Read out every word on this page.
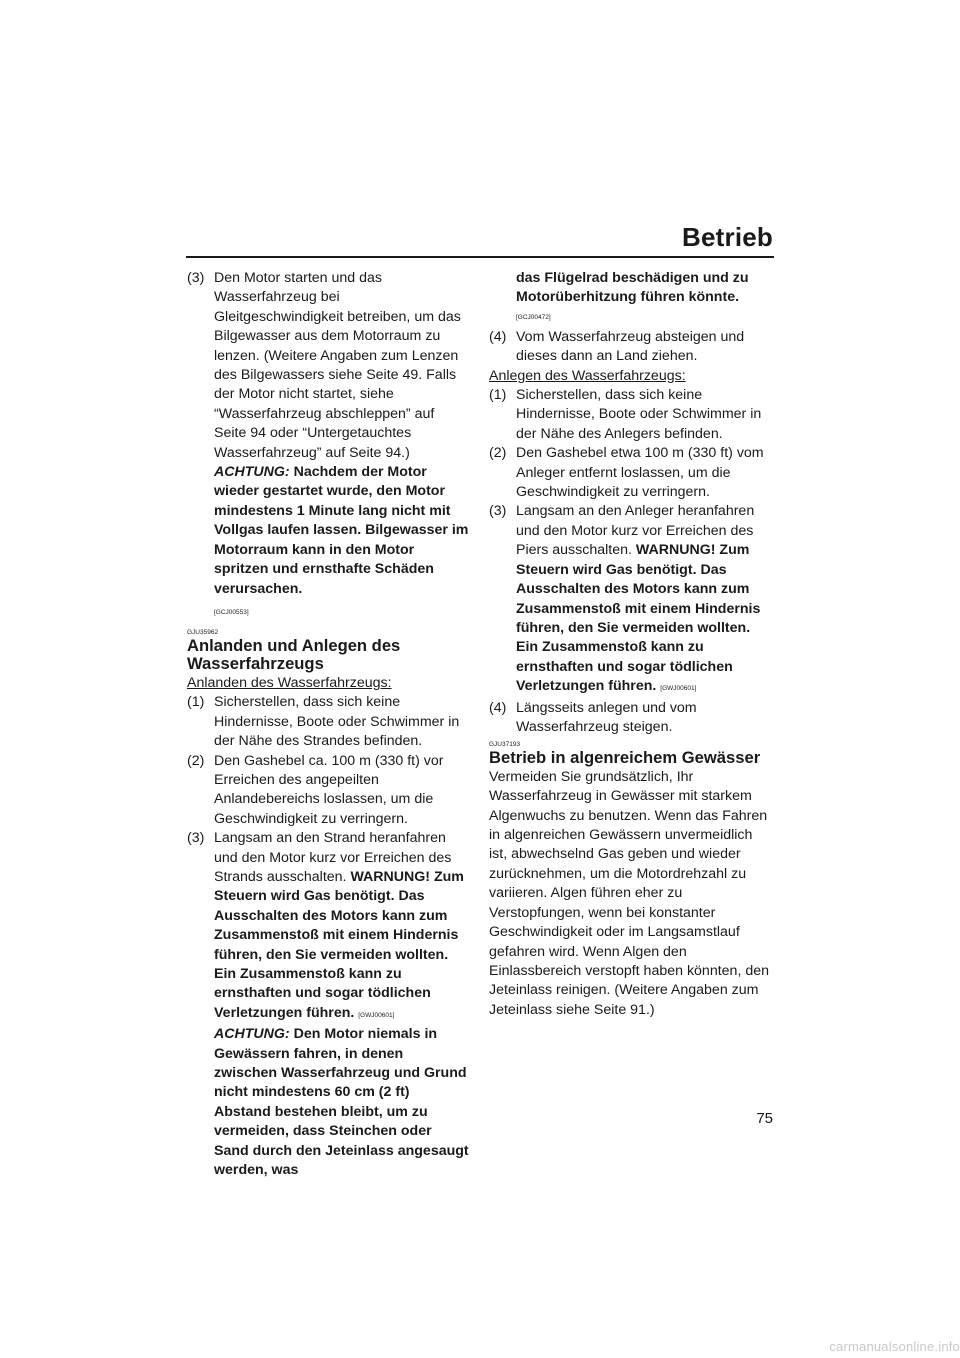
Betrieb
(3) Den Motor starten und das Wasserfahrzeug bei Gleitgeschwindigkeit betreiben, um das Bilgewasser aus dem Motorraum zu lenzen. (Weitere Angaben zum Lenzen des Bilgewassers siehe Seite 49. Falls der Motor nicht startet, siehe “Wasserfahrzeug abschleppen” auf Seite 94 oder “Untergetauchtes Wasserfahrzeug” auf Seite 94.) ACHTUNG: Nachdem der Motor wieder gestartet wurde, den Motor mindestens 1 Minute lang nicht mit Vollgas laufen lassen. Bilgewasser im Motorraum kann in den Motor spritzen und ernsthafte Schäden verursachen.
[GCJ00553]
GJU35962

Anlanden und Anlegen des Wasserfahrzeugs

Anlanden des Wasserfahrzeugs:

(1) Sicherstellen, dass sich keine Hindernisse, Boote oder Schwimmer in der Nähe des Strandes befinden.
(2) Den Gashebel ca. 100 m (330 ft) vor Erreichen des angepeilten Anlandebereichs loslassen, um die Geschwindigkeit zu verringern.
(3) Langsam an den Strand heranfahren und den Motor kurz vor Erreichen des Strands ausschalten. WARNUNG! Zum Steuern wird Gas benötigt. Das Ausschalten des Motors kann zum Zusammenstoß mit einem Hindernis führen, den Sie vermeiden wollten. Ein Zusammenstoß kann zu ernsthaften und sogar tödlichen Verletzungen führen. [GWJ00601] ACHTUNG: Den Motor niemals in Gewässern fahren, in denen zwischen Wasserfahrzeug und Grund nicht mindestens 60 cm (2 ft) Abstand bestehen bleibt, um zu vermeiden, dass Steinchen oder Sand durch den Jeteinlass angesaugt werden, was
das Flügelrad beschädigen und zu Motorüberhitzung führen könnte.
[GCJ00472]
(4) Vom Wasserfahrzeug absteigen und dieses dann an Land ziehen.

Anlegen des Wasserfahrzeugs:

(1) Sicherstellen, dass sich keine Hindernisse, Boote oder Schwimmer in der Nähe des Anlegers befinden.
(2) Den Gashebel etwa 100 m (330 ft) vom Anleger entfernt loslassen, um die Geschwindigkeit zu verringern.
(3) Langsam an den Anleger heranfahren und den Motor kurz vor Erreichen des Piers ausschalten. WARNUNG! Zum Steuern wird Gas benötigt. Das Ausschalten des Motors kann zum Zusammenstoß mit einem Hindernis führen, den Sie vermeiden wollten. Ein Zusammenstoß kann zu ernsthaften und sogar tödlichen Verletzungen führen. [GWJ00601]
(4) Längsseits anlegen und vom Wasserfahrzeug steigen.
GJU37193

Betrieb in algenreichem Gewässer

Vermeiden Sie grundsätzlich, Ihr Wasserfahrzeug in Gewässer mit starkem Algenwuchs zu benutzen. Wenn das Fahren in algenreichen Gewässern unvermeidlich ist, abwechselnd Gas geben und wieder zurücknehmen, um die Motordrehzahl zu variieren. Algen führen eher zu Verstopfungen, wenn bei konstanter Geschwindigkeit oder im Langsamstlauf gefahren wird. Wenn Algen den Einlassbereich verstopft haben könnten, den Jeteinlass reinigen. (Weitere Angaben zum Jeteinlass siehe Seite 91.)

75
carmanualsonline.info
